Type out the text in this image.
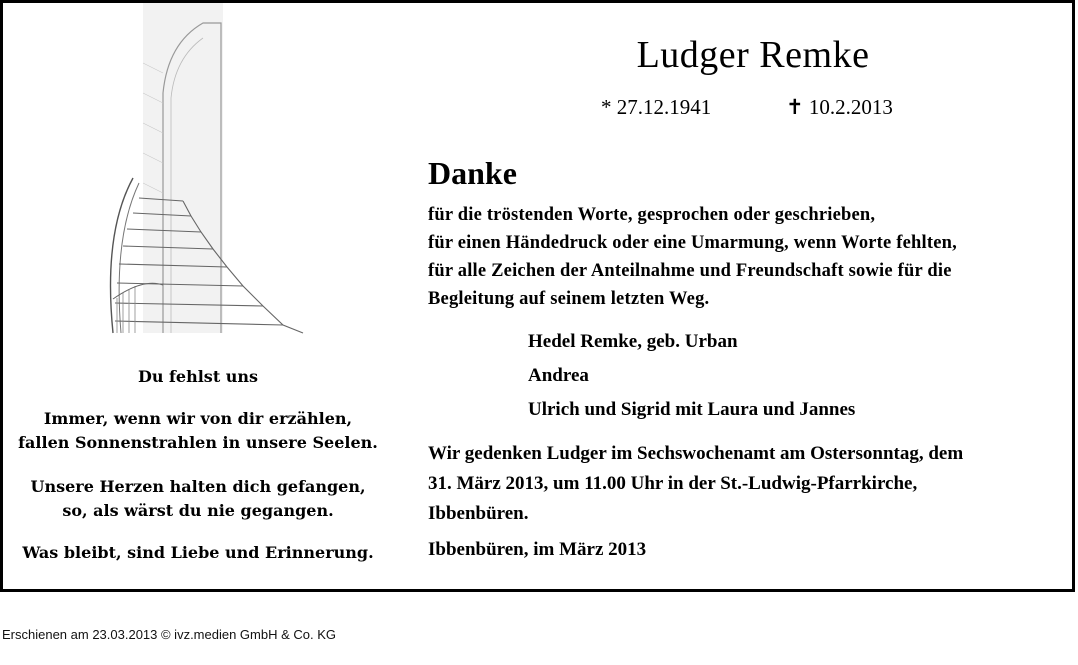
Du fehlst uns
Immer, wenn wir von dir erzählen,
fallen Sonnenstrahlen in unsere Seelen.
Unsere Herzen halten dich gefangen,
so, als wärst du nie gegangen.
Was bleibt, sind Liebe und Erinnerung.
Ludger Remke
* 27.12.1941	✝ 10.2.2013
Danke
für die tröstenden Worte, gesprochen oder geschrieben,
für einen Händedruck oder eine Umarmung, wenn Worte fehlten,
für alle Zeichen der Anteilnahme und Freundschaft sowie für die
Begleitung auf seinem letzten Weg.
Hedel Remke, geb. Urban
Andrea
Ulrich und Sigrid mit Laura und Jannes
Wir gedenken Ludger im Sechswochenamt am Ostersonntag, dem
31. März 2013, um 11.00 Uhr in der St.-Ludwig-Pfarrkirche,
Ibbenbüren.
Ibbenbüren, im März 2013
Erschienen am 23.03.2013 © ivz.medien GmbH & Co. KG
